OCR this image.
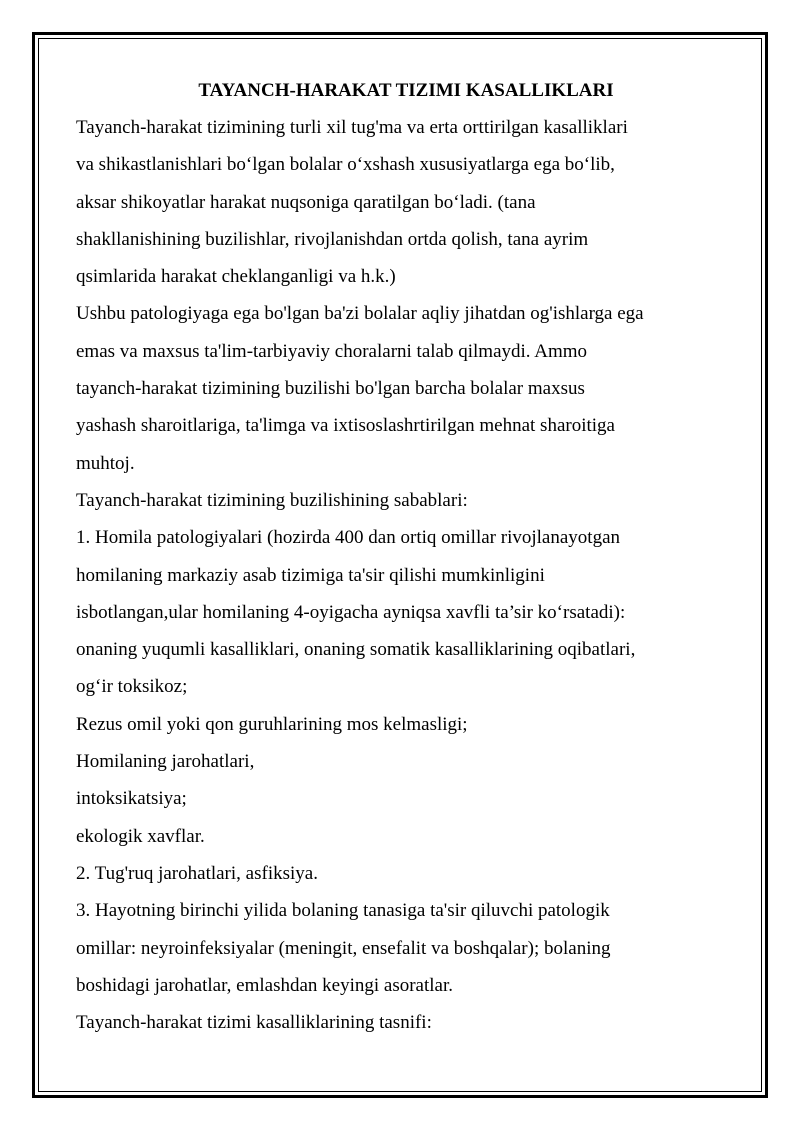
TAYANCH-HARAKAT TIZIMI KASALLIKLARI

Tayanch-harakat tizimining turli xil tug'ma va erta orttirilgan kasalliklari

va shikastlanishlari bo‘lgan bolalar o‘xshash xususiyatlarga ega bo‘lib,

aksar shikoyatlar harakat nuqsoniga qaratilgan bo‘ladi. (tana

shakllanishining buzilishlar, rivojlanishdan ortda qolish, tana ayrim

qsimlarida harakat cheklanganligi va h.k.)

Ushbu patologiyaga ega bo'lgan ba'zi bolalar aqliy jihatdan og'ishlarga ega

emas va maxsus ta'lim-tarbiyaviy choralarni talab qilmaydi. Ammo

tayanch-harakat tizimining buzilishi bo'lgan barcha bolalar maxsus

yashash sharoitlariga, ta'limga va ixtisoslashrtirilgan mehnat sharoitiga

muhtoj.

Tayanch-harakat tizimining buzilishining sabablari:

1. Homila patologiyalari (hozirda 400 dan ortiq omillar rivojlanayotgan

homilaning markaziy asab tizimiga ta'sir qilishi mumkinligini

isbotlangan,ular homilaning 4-oyigacha ayniqsa xavfli ta’sir ko‘rsatadi):

onaning yuqumli kasalliklari, onaning somatik kasalliklarining oqibatlari,

og‘ir toksikoz;

Rezus omil yoki qon guruhlarining mos kelmasligi;

Homilaning jarohatlari,

intoksikatsiya;

ekologik xavflar.

2. Tug'ruq jarohatlari, asfiksiya.

3. Hayotning birinchi yilida bolaning tanasiga ta'sir qiluvchi patologik

omillar: neyroinfeksiyalar (meningit, ensefalit va boshqalar); bolaning

boshidagi jarohatlar, emlashdan keyingi asoratlar.

Tayanch-harakat tizimi kasalliklarining tasnifi:
